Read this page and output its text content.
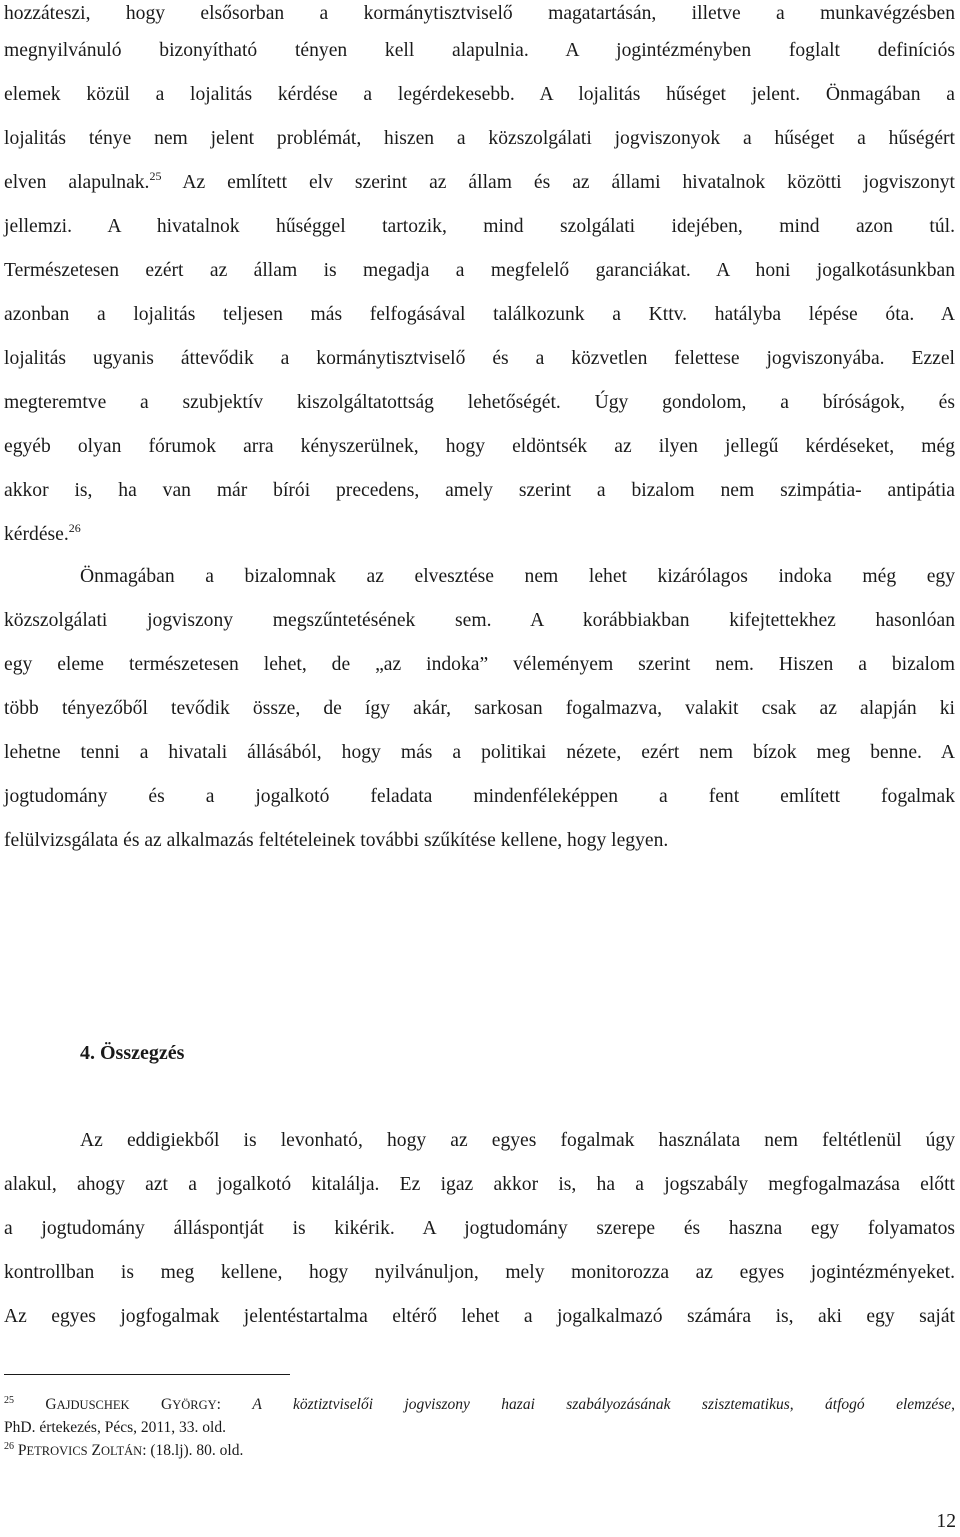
hozzáteszi, hogy elsősorban a kormánytisztviselő magatartásán, illetve a munkavégzésben
megnyilvánuló bizonyítható tényen kell alapulnia. A jogintézményben foglalt definíciós
elemek közül a lojalitás kérdése a legérdekesebb. A lojalitás hűséget jelent. Önmagában a
lojalitás ténye nem jelent problémát, hiszen a közszolgálati jogviszonyok a hűséget a hűségért
elven alapulnak.$^{25}$ Az említett elv szerint az állam és az állami hivatalnok közötti jogviszonyt
jellemzi. A hivatalnok hűséggel tartozik, mind szolgálati idejében, mind azon túl.
Természetesen ezért az állam is megadja a megfelelő garanciákat. A honi jogalkotásunkban
azonban a lojalitás teljesen más felfogásával találkozunk a Kttv. hatályba lépése óta. A
lojalitás ugyanis áttevődik a kormánytisztviselő és a közvetlen felettese jogviszonyába. Ezzel
megteremtve a szubjektív kiszolgáltatottság lehetőségét. Úgy gondolom, a bíróságok, és
egyéb olyan fórumok arra kényszerülnek, hogy eldöntsék az ilyen jellegű kérdéseket, még
akkor is, ha van már bírói precedens, amely szerint a bizalom nem szimpátia- antipátia
kérdése.$^{26}$
Önmagában a bizalomnak az elvesztése nem lehet kizárólagos indoka még egy
közszolgálati jogviszony megszűntetésének sem. A korábbiakban kifejtettekhez hasonlóan
egy eleme természetesen lehet, de „az indoka” véleményem szerint nem. Hiszen a bizalom
több tényezőből tevődik össze, de így akár, sarkosan fogalmazva, valakit csak az alapján ki
lehetne tenni a hivatali állásából, hogy más a politikai nézete, ezért nem bízok meg benne. A
jogtudomány és a jogalkotó feladata mindenféleképpen a fent említett fogalmak
felülvizsgálata és az alkalmazás feltételeinek további szűkítése kellene, hogy legyen.
4. Összegzés
Az eddigiekből is levonható, hogy az egyes fogalmak használata nem feltétlenül úgy
alakul, ahogy azt a jogalkotó kitalálja. Ez igaz akkor is, ha a jogszabály megfogalmazása előtt
a jogtudomány álláspontját is kikérik. A jogtudomány szerepe és haszna egy folyamatos
kontrollban is meg kellene, hogy nyilvánuljon, mely monitorozza az egyes jogintézményeket.
Az egyes jogfogalmak jelentéstartalma eltérő lehet a jogalkalmazó számára is, aki egy saját
$^{25}$ GAJDUSCHEK GYÖRGY: A köztiztviselői jogviszony hazai szabályozásának szisztematikus, átfogó elemzése,
PhD. értekezés, Pécs, 2011, 33. old.
$^{26}$ PETROVICS ZOLTÁN: (18.lj). 80. old.
12
